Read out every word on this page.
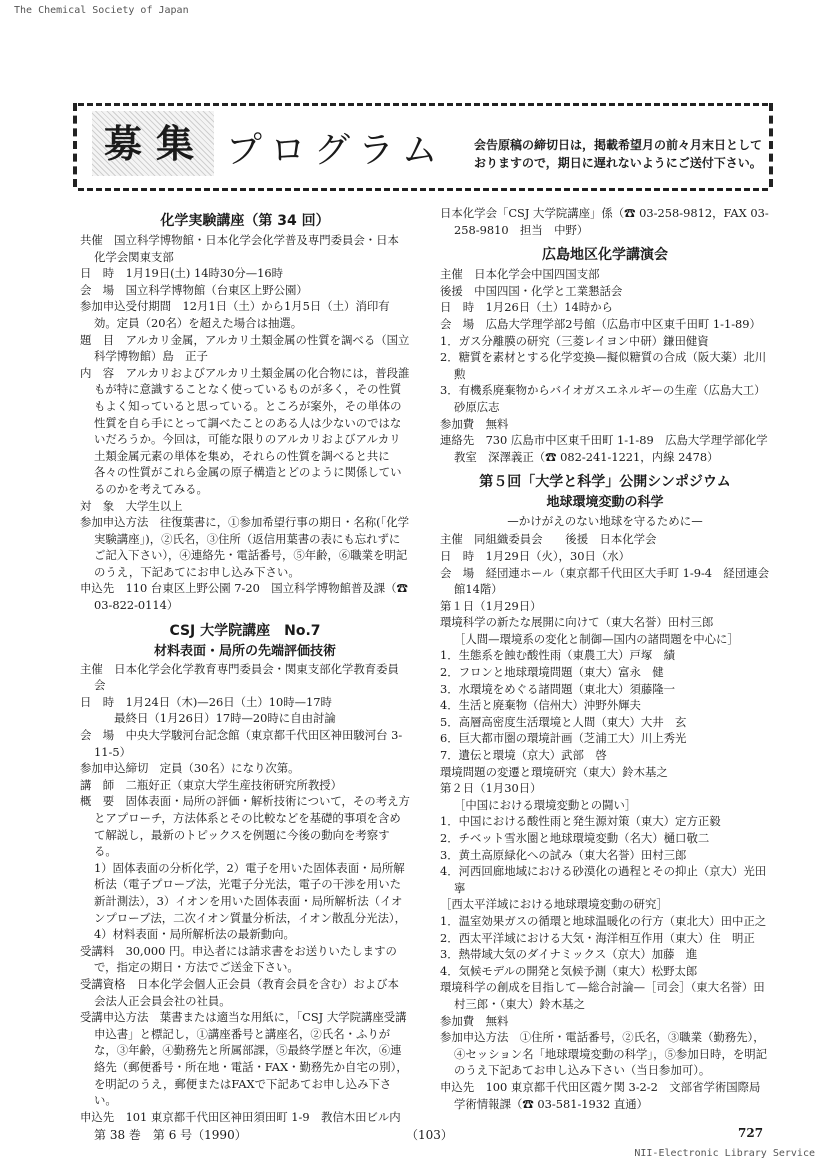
The Chemical Society of Japan
募集 プログラム 会告原稿の締切日は，掲載希望月の前々月末日として
おりますので，期日に遅れないようにご送付下さい。

化学実験講座（第 34 回）

共催　国立科学博物館・日本化学会化学普及専門委員会・日本化学会関東支部

日　時　1月19日(土) 14時30分—16時

会　場　国立科学博物館（台東区上野公園）

参加申込受付期間　12月1日（土）から1月5日（土）消印有効。定員（20名）を超えた場合は抽選。

題　目　アルカリ金属，アルカリ土類金属の性質を調べる（国立科学博物館）島　正子

内　容　アルカリおよびアルカリ土類金属の化合物には，普段誰もが特に意識することなく使っているものが多く，その性質もよく知っていると思っている。ところが案外，その単体の性質を自ら手にとって調べたことのある人は少ないのではないだろうか。今回は，可能な限りのアルカリおよびアルカリ土類金属元素の単体を集め，それらの性質を調べると共に各々の性質がこれら金属の原子構造とどのように関係しているのかを考えてみる。

対　象　大学生以上

参加申込方法　往復葉書に，①参加希望行事の期日・名称(「化学実験講座」)，②氏名，③住所（返信用葉書の表にも忘れずにご記入下さい），④連絡先・電話番号，⑤年齢，⑥職業を明記のうえ，下記あてにお申し込み下さい。

申込先　110 台東区上野公園 7-20　国立科学博物館普及課（☎ 03-822-0114）

CSJ 大学院講座　No.7

材料表面・局所の先端評価技術

主催　日本化学会化学教育専門委員会・関東支部化学教育委員会

日　時　1月24日（木)—26日（土）10時—17時

　　　最終日（1月26日）17時—20時に自由討論

会　場　中央大学駿河台記念館（東京都千代田区神田駿河台 3-11-5）

参加申込締切　定員（30名）になり次第。

講　師　二瓶好正（東京大学生産技術研究所教授）

概　要　固体表面・局所の評価・解析技術について，その考え方とアプローチ，方法体系とその比較などを基礎的事項を含めて解説し，最新のトピックスを例題に今後の動向を考察する。

1）固体表面の分析化学，2）電子を用いた固体表面・局所解析法（電子プローブ法，光電子分光法，電子の干渉を用いた新計測法），3）イオンを用いた固体表面・局所解析法（イオンプローブ法，二次イオン質量分析法，イオン散乱分光法），4）材料表面・局所解析法の最新動向。

受講料　30,000 円。申込者には請求書をお送りいたしますので，指定の期日・方法でご送金下さい。

受講資格　日本化学会個人正会員（教育会員を含む）および本会法人正会員会社の社員。

受講申込方法　葉書または適当な用紙に，「CSJ 大学院講座受講申込書」と標記し，①講座番号と講座名，②氏名・ふりがな，③年齢，④勤務先と所属部課，⑤最終学歴と年次，⑥連絡先（郵便番号・所在地・電話・FAX・勤務先か自宅の別），を明記のうえ，郵便またはFAXで下記あてお申し込み下さい。

申込先　101 東京都千代田区神田須田町 1-9　教信木田ビル内

日本化学会「CSJ 大学院講座」係（☎ 03-258-9812，FAX 03-258-9810　担当　中野）

広島地区化学講演会

主催　日本化学会中国四国支部

後援　中国四国・化学と工業懇話会

日　時　1月26日（土）14時から

会　場　広島大学理学部2号館（広島市中区東千田町 1-1-89）

1．ガス分離膜の研究（三菱レイヨン中研）鎌田健資

2．糖質を素材とする化学変換—擬似糖質の合成（阪大薬）北川　勲

3．有機系廃棄物からバイオガスエネルギーの生産（広島大工）砂原広志

参加費　無料

連絡先　730 広島市中区東千田町 1-1-89　広島大学理学部化学教室　深澤義正（☎ 082-241-1221，内線 2478）

第５回「大学と科学」公開シンポジウム

地球環境変動の科学

—かけがえのない地球を守るために—

主催　同組織委員会　　後援　日本化学会

日　時　1月29日（火），30日（水）

会　場　経団連ホール（東京都千代田区大手町 1-9-4　経団連会館14階）

第１日（1月29日）

環境科学の新たな展開に向けて（東大名誉）田村三郎

［人間—環境系の変化と制御—国内の諸問題を中心に］

1．生態系を蝕む酸性雨（東農工大）戸塚　績

2．フロンと地球環境問題（東大）富永　健

3．水環境をめぐる諸問題（東北大）須藤隆一

4．生活と廃棄物（信州大）沖野外輝夫

5．高層高密度生活環境と人間（東大）大井　玄

6．巨大都市圏の環境計画（芝浦工大）川上秀光

7．遺伝と環境（京大）武部　啓

環境問題の変遷と環境研究（東大）鈴木基之

第２日（1月30日）

［中国における環境変動との闘い］

1．中国における酸性雨と発生源対策（東大）定方正毅

2．チベット雪氷圏と地球環境変動（名大）樋口敬二

3．黄土高原緑化への試み（東大名誉）田村三郎

4．河西回廊地域における砂漠化の過程とその抑止（京大）光田　寧

［西太平洋域における地球環境変動の研究］

1．温室効果ガスの循環と地球温暖化の行方（東北大）田中正之

2．西太平洋域における大気・海洋相互作用（東大）住　明正

3．熱帯域大気のダイナミックス（京大）加藤　進

4．気候モデルの開発と気候予測（東大）松野太郎

環境科学の創成を目指して—総合討論—［司会］（東大名誉）田村三郎・（東大）鈴木基之

参加費　無料

参加申込方法　①住所・電話番号，②氏名，③職業（勤務先），④セッション名「地球環境変動の科学」，⑤参加日時，を明記のうえ下記あてお申し込み下さい（当日参加可）。

申込先　100 東京都千代田区霞ケ関 3-2-2　文部省学術国際局学術情報課（☎ 03-581-1932 直通）

第 38 巻　第 6 号（1990）	（103）	727
NII-Electronic Library Service
